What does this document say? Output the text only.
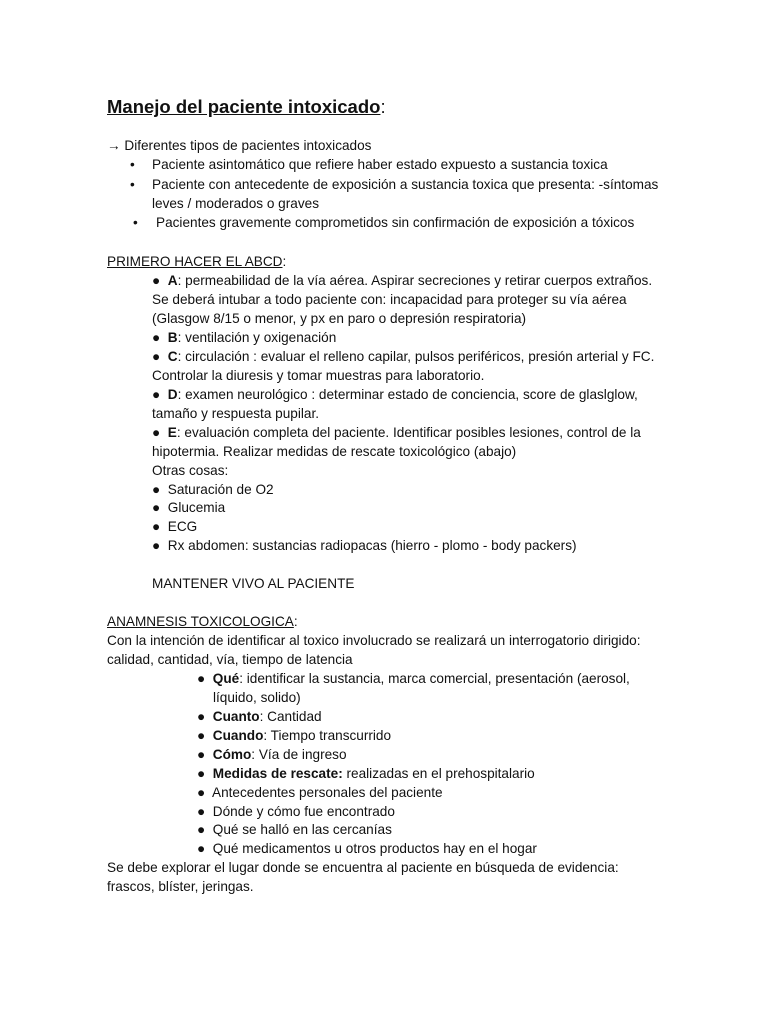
Manejo del paciente intoxicado:
→ Diferentes tipos de pacientes intoxicados
• Paciente asintomático que refiere haber estado expuesto a sustancia toxica
• Paciente con antecedente de exposición a sustancia toxica que presenta: -síntomas
leves / moderados o graves
• Pacientes gravemente comprometidos sin confirmación de exposición a tóxicos
PRIMERO HACER EL ABCD:
● A: permeabilidad de la vía aérea. Aspirar secreciones y retirar cuerpos extraños.
Se deberá intubar a todo paciente con: incapacidad para proteger su vía aérea
(Glasgow 8/15 o menor, y px en paro o depresión respiratoria)
● B: ventilación y oxigenación
● C: circulación : evaluar el relleno capilar, pulsos periféricos, presión arterial y FC.
Controlar la diuresis y tomar muestras para laboratorio.
● D: examen neurológico : determinar estado de conciencia, score de glaslglow,
tamaño y respuesta pupilar.
● E: evaluación completa del paciente. Identificar posibles lesiones, control de la
hipotermia. Realizar medidas de rescate toxicológico (abajo)
Otras cosas:
● Saturación de O2
● Glucemia
● ECG
● Rx abdomen: sustancias radiopacas (hierro - plomo - body packers)
MANTENER VIVO AL PACIENTE
ANAMNESIS TOXICOLOGICA:
Con la intención de identificar al toxico involucrado se realizará un interrogatorio dirigido:
calidad, cantidad, vía, tiempo de latencia
● Qué: identificar la sustancia, marca comercial, presentación (aerosol,
líquido, solido)
● Cuanto: Cantidad
● Cuando: Tiempo transcurrido
● Cómo: Vía de ingreso
● Medidas de rescate: realizadas en el prehospitalario
● Antecedentes personales del paciente
● Dónde y cómo fue encontrado
● Qué se halló en las cercanías
● Qué medicamentos u otros productos hay en el hogar
Se debe explorar el lugar donde se encuentra al paciente en búsqueda de evidencia:
frascos, blíster, jeringas.
